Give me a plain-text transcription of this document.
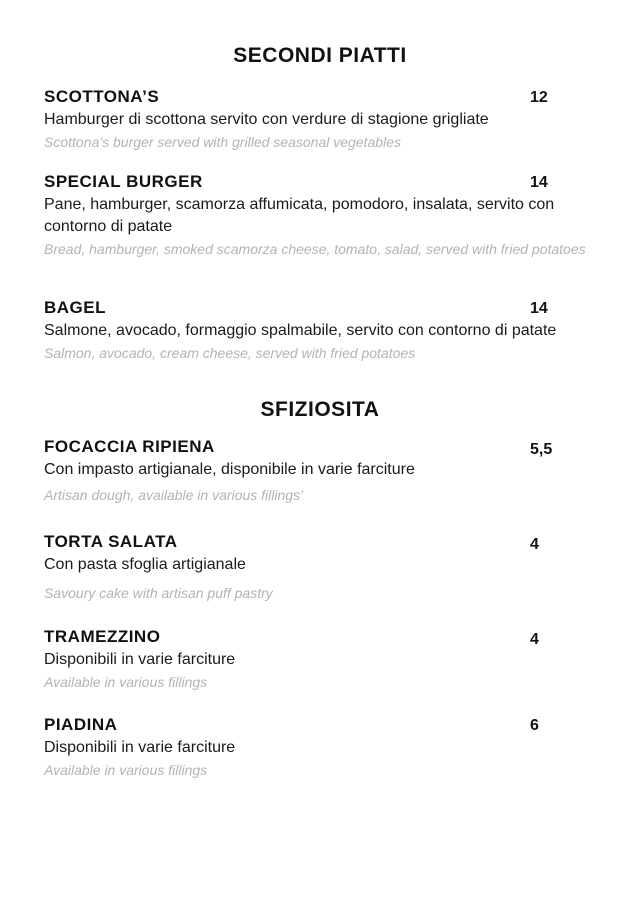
SECONDI PIATTI
SCOTTONA’S	12
Hamburger di scottona servito con verdure di stagione grigliate
Scottona’s burger served with grilled seasonal vegetables
SPECIAL BURGER	14
Pane, hamburger, scamorza affumicata, pomodoro, insalata, servito con contorno di patate
Bread, hamburger, smoked scamorza cheese, tomato, salad, served with fried potatoes
BAGEL	14
Salmone, avocado, formaggio spalmabile, servito con contorno di patate
Salmon, avocado, cream cheese, served with fried potatoes
SFIZIOSITA
FOCACCIA RIPIENA	5,5
Con impasto artigianale, disponibile in varie farciture
Artisan dough, available in various fillings’
TORTA SALATA	4
Con pasta sfoglia artigianale
Savoury cake with artisan puff pastry
TRAMEZZINO	4
Disponibili in varie farciture
Available in various fillings
PIADINA	6
Disponibili in varie farciture
Available in various fillings
